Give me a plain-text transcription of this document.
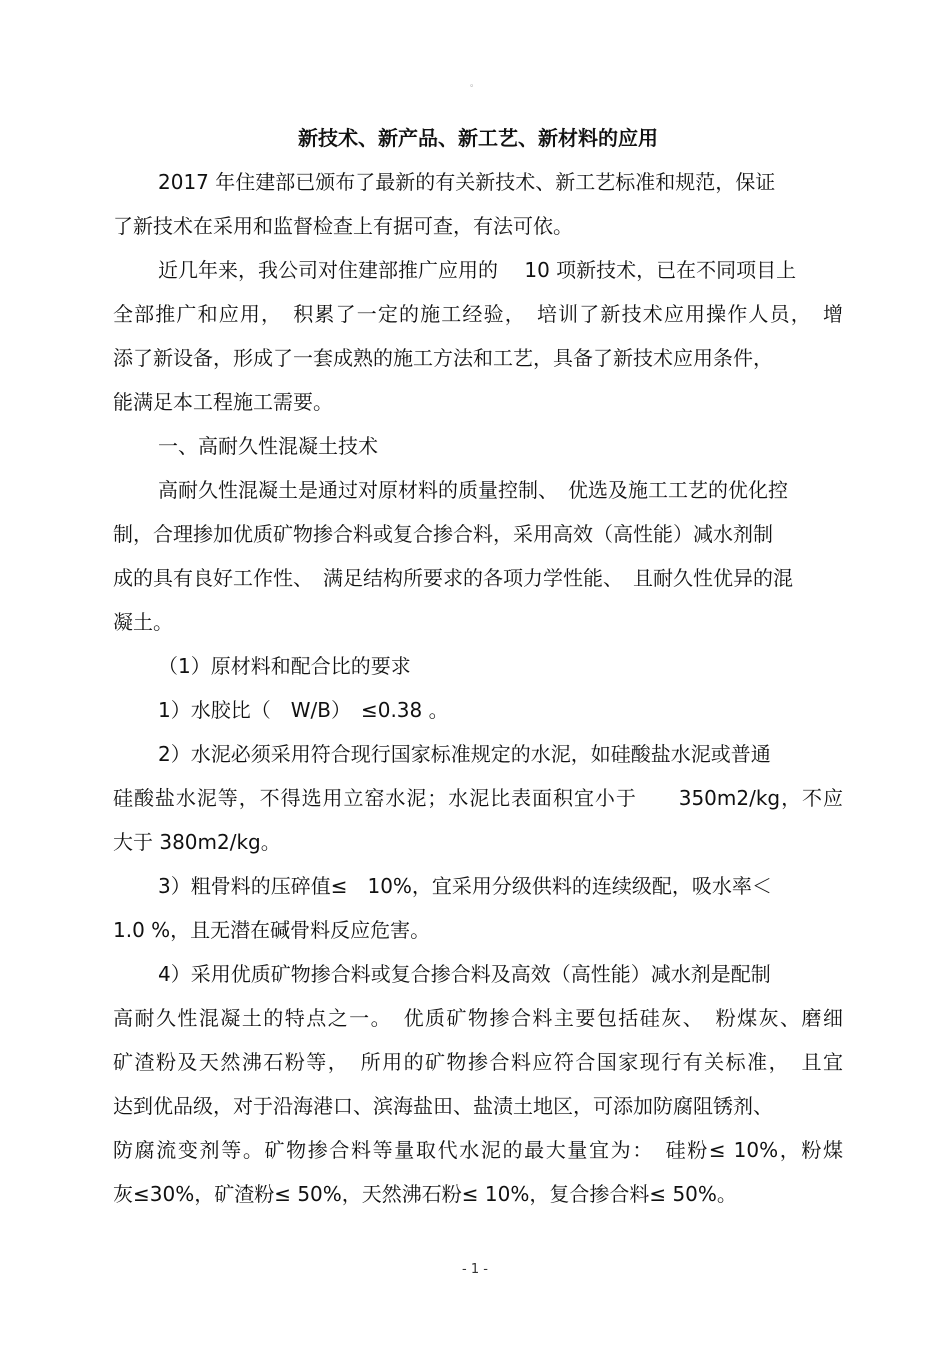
。
新技术、新产品、新工艺、新材料的应用

2017 年住建部已颁布了最新的有关新技术、新工艺标准和规范，保证

了新技术在采用和监督检查上有据可查，有法可依。

近几年来，我公司对住建部推广应用的　 10 项新技术，已在不同项目上

全部推广和应用，　积累了一定的施工经验，　培训了新技术应用操作人员，　增

添了新设备，形成了一套成熟的施工方法和工艺，具备了新技术应用条件，

能满足本工程施工需要。

一、高耐久性混凝土技术

高耐久性混凝土是通过对原材料的质量控制、　优选及施工工艺的优化控

制，合理掺加优质矿物掺合料或复合掺合料，采用高效（高性能）减水剂制

成的具有良好工作性、　满足结构所要求的各项力学性能、　且耐久性优异的混

凝土。

（1）原材料和配合比的要求

1）水胶比（　W/B）　≤0.38 。

2）水泥必须采用符合现行国家标准规定的水泥，如硅酸盐水泥或普通

硅酸盐水泥等，不得选用立窑水泥；水泥比表面积宜小于　　350m2/kg，不应

大于 380m2/kg。

3）粗骨料的压碎值≤　10%，宜采用分级供料的连续级配，吸水率＜

1.0 %，且无潜在碱骨料反应危害。

4）采用优质矿物掺合料或复合掺合料及高效（高性能）减水剂是配制

高耐久性混凝土的特点之一。　优质矿物掺合料主要包括硅灰、　粉煤灰、磨细

矿渣粉及天然沸石粉等，　所用的矿物掺合料应符合国家现行有关标准，　且宜

达到优品级，对于沿海港口、滨海盐田、盐渍土地区，可添加防腐阻锈剂、

防腐流变剂等。矿物掺合料等量取代水泥的最大量宜为：　硅粉≤ 10%，粉煤

灰≤30%，矿渣粉≤ 50%，天然沸石粉≤ 10%，复合掺合料≤ 50%。

- 1 -
